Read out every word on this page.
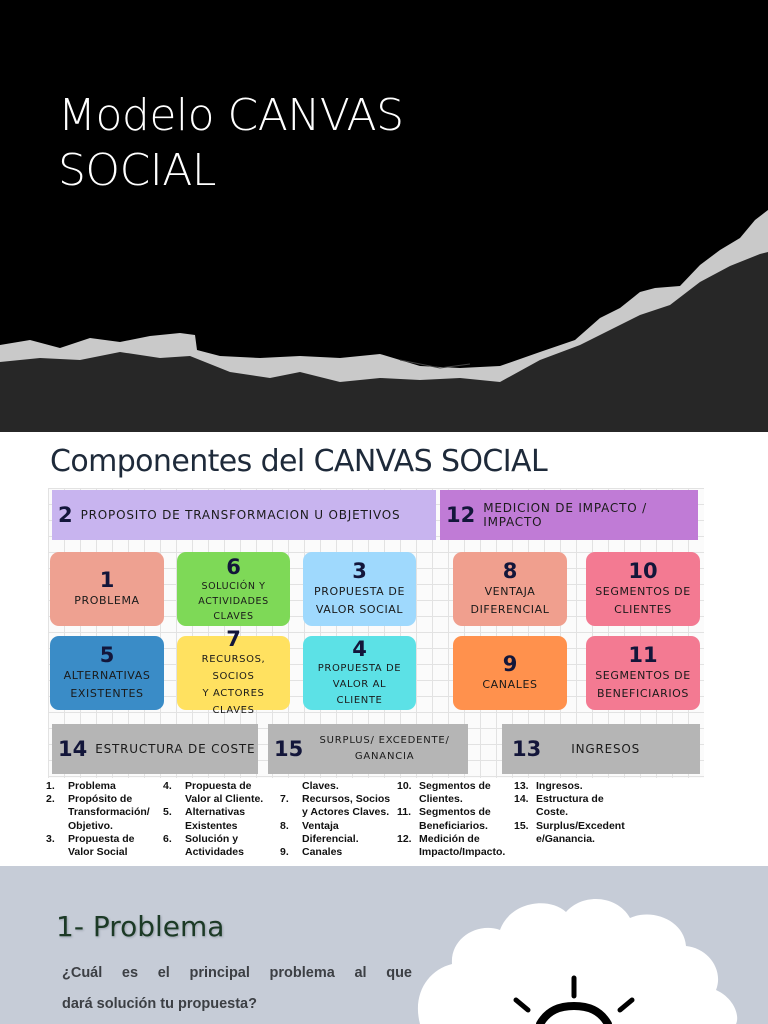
Modelo CANVAS
SOCIAL
Componentes del CANVAS SOCIAL
2 PROPOSITO DE TRANSFORMACION U OBJETIVOS 12 MEDICION DE IMPACTO / IMPACTO
1
PROBLEMA
6
SOLUCIÓN Y
ACTIVIDADES CLAVES
3
PROPUESTA DE
VALOR SOCIAL
8
VENTAJA
DIFERENCIAL
10
SEGMENTOS DE
CLIENTES
5
ALTERNATIVAS
EXISTENTES
7
RECURSOS, SOCIOS
Y ACTORES CLAVES
4
PROPUESTA DE
VALOR AL
CLIENTE
9
CANALES
11
SEGMENTOS DE
BENEFICIARIOS
14 ESTRUCTURA DE COSTE 15 SURPLUS/ EXCEDENTE/
GANANCIA	13	INGRESOS
1.	Problema
2.	Propósito de
Transformación/
Objetivo.
3.	Propuesta de
Valor Social
4.	Propuesta de
Valor al Cliente.
5.	Alternativas
Existentes
6.	Solución y
Actividades
Claves.
7.	Recursos, Socios
y Actores Claves.
8.	Ventaja
Diferencial.
9.	Canales
10. Segmentos de
Clientes.
11. Segmentos de
Beneficiarios.
12. Medición de
Impacto/Impacto.
13. Ingresos.
14. Estructura de
Coste.
15. Surplus/Excedent
e/Ganancia.
1- Problema
¿Cuál es el principal problema al que
dará solución tu propuesta?
